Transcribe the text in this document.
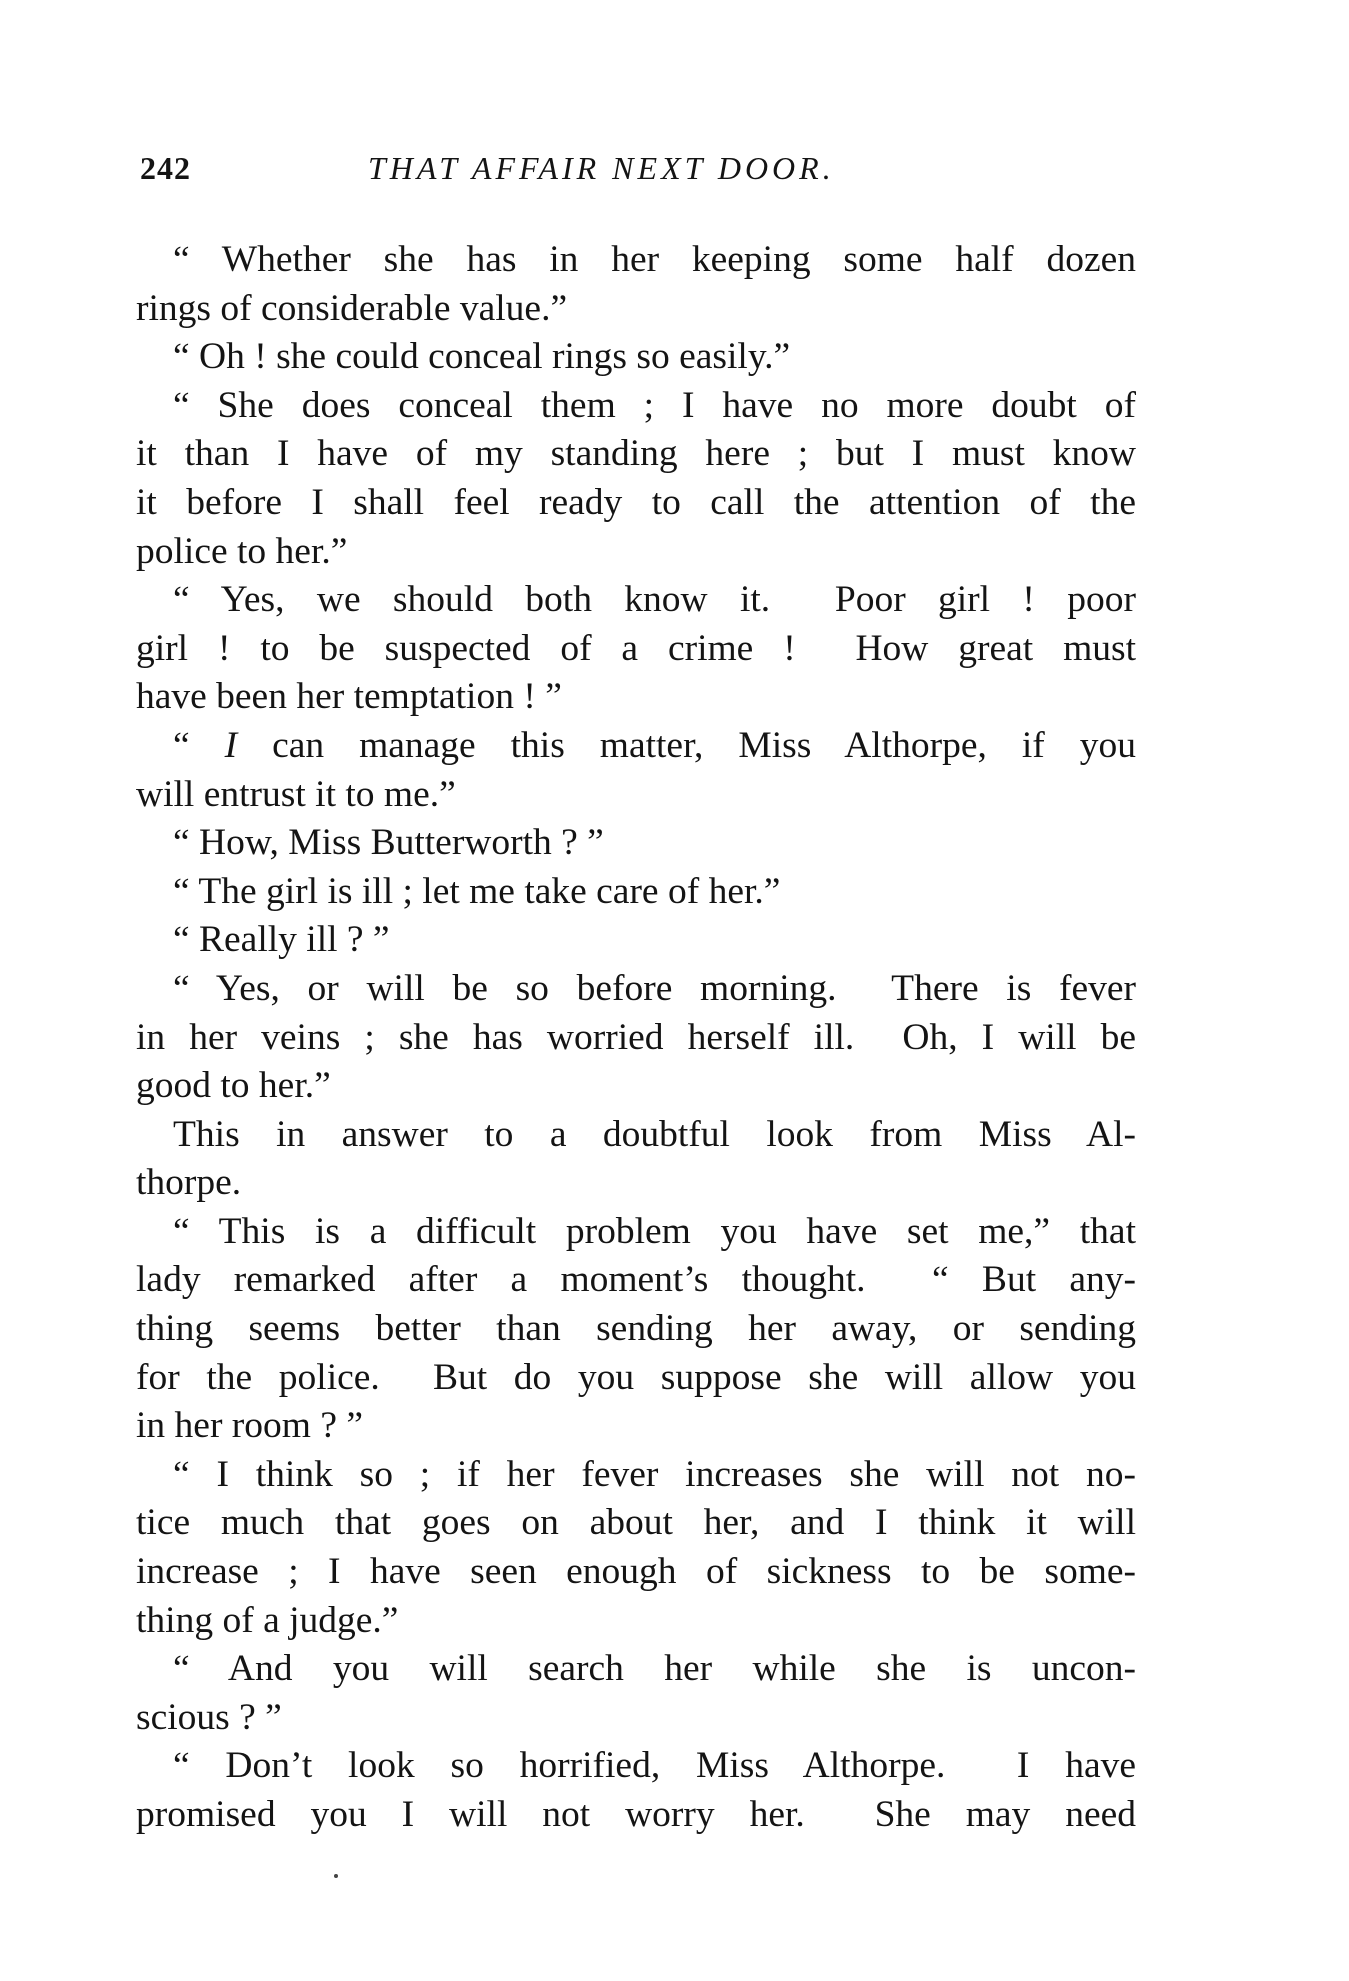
242	THAT AFFAIR NEXT DOOR.
“ Whether she has in her keeping some half dozen
rings of considerable value.”
“ Oh ! she could conceal rings so easily.”
“ She does conceal them ; I have no more doubt of
it than I have of my standing here ; but I must know
it before I shall feel ready to call the attention of the
police to her.”
“ Yes, we should both know it.  Poor girl ! poor
girl ! to be suspected of a crime !  How great must
have been her temptation ! ”
“ I can manage this matter, Miss Althorpe, if you
will entrust it to me.”
“ How, Miss Butterworth ? ”
“ The girl is ill ; let me take care of her.”
“ Really ill ? ”
“ Yes, or will be so before morning.  There is fever
in her veins ; she has worried herself ill.  Oh, I will be
good to her.”
This in answer to a doubtful look from Miss Al-
thorpe.
“ This is a difficult problem you have set me,” that
lady remarked after a moment’s thought.  “ But any-
thing seems better than sending her away, or sending
for the police.  But do you suppose she will allow you
in her room ? ”
“ I think so ; if her fever increases she will not no-
tice much that goes on about her, and I think it will
increase ; I have seen enough of sickness to be some-
thing of a judge.”
“ And you will search her while she is uncon-
scious ? ”
“ Don’t look so horrified, Miss Althorpe.  I have
promised you I will not worry her.  She may need
